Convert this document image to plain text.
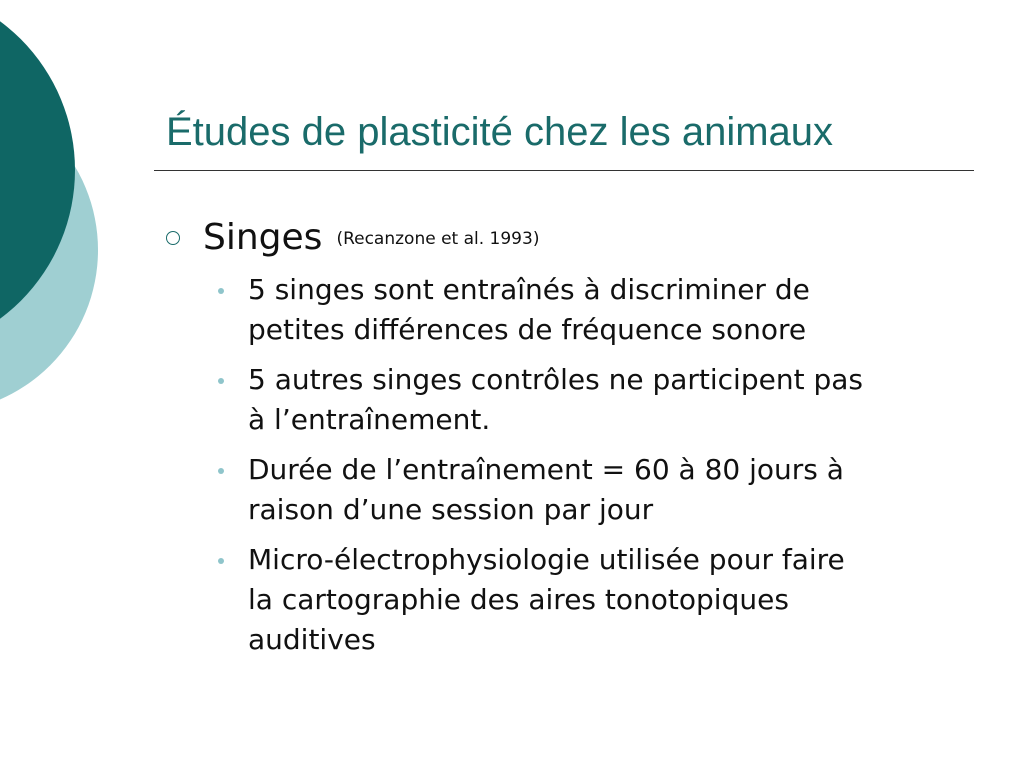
Études de plasticité chez les animaux
Singes (Recanzone et al. 1993)
5 singes sont entraînés à discriminer de petites différences de fréquence sonore
5 autres singes contrôles ne participent pas à l’entraînement.
Durée de l’entraînement = 60 à 80 jours à raison d’une session par jour
Micro-électrophysiologie utilisée pour faire la cartographie des aires tonotopiques auditives
